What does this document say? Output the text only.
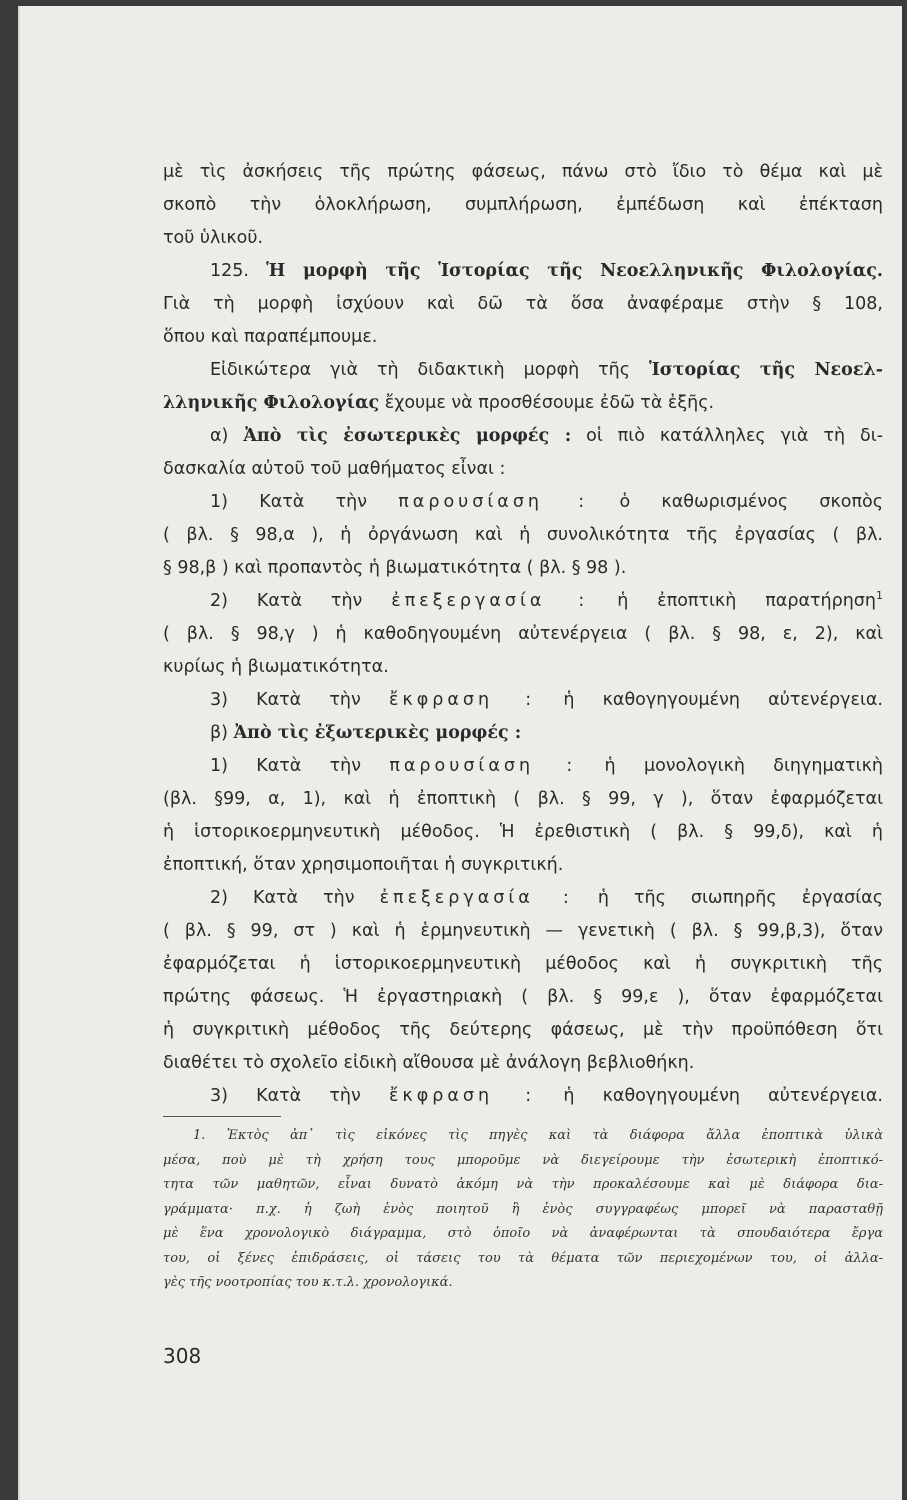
μὲ τὶς ἀσκήσεις τῆς πρώτης φάσεως, πάνω στὸ ἴδιο τὸ θέμα καὶ μὲ
σκοπὸ τὴν ὁλοκλήρωση, συμπλήρωση, ἐμπέδωση καὶ ἐπέκταση
τοῦ ὑλικοῦ.
125. Ἡ μορφὴ τῆς Ἱστορίας τῆς Νεοελληνικῆς Φιλολογίας.
Γιὰ τὴ μορφὴ ἰσχύουν καὶ δῶ τὰ ὅσα ἀναφέραμε στὴν § 108,
ὅπου καὶ παραπέμπουμε.
Εἰδικώτερα γιὰ τὴ διδακτικὴ μορφὴ τῆς Ἱστορίας τῆς Νεοελ-
λληνικῆς Φιλολογίας ἔχουμε νὰ προσθέσουμε ἐδῶ τὰ ἑξῆς.
α) Ἀπὸ τὶς ἐσωτερικὲς μορφές : οἱ πιὸ κατάλληλες γιὰ τὴ δι-
δασκαλία αὐτοῦ τοῦ μαθήματος εἶναι :
1) Κατὰ τὴν παρουσίαση : ὁ καθωρισμένος σκοπὸς
( βλ. § 98,α ), ἡ ὀργάνωση καὶ ἡ συνολικότητα τῆς ἐργασίας ( βλ.
§ 98,β ) καὶ προπαντὸς ἡ βιωματικότητα ( βλ. § 98 ).
2) Κατὰ τὴν ἐπεξεργασία : ἡ ἐποπτικὴ παρατήρηση$^1$
( βλ. § 98,γ ) ἡ καθοδηγουμένη αὐτενέργεια ( βλ. § 98, ε, 2), καὶ
κυρίως ἡ βιωματικότητα.
3) Κατὰ τὴν ἔκφραση : ἡ καθογηγουμένη αὐτενέργεια.
β) Ἀπὸ τὶς ἐξωτερικὲς μορφές :
1) Κατὰ τὴν παρουσίαση : ἡ μονολογικὴ διηγηματικὴ
(βλ. §99, α, 1), καὶ ἡ ἐποπτικὴ ( βλ. § 99, γ ), ὅταν ἐφαρμόζεται
ἡ ἱστορικοερμηνευτικὴ μέθοδος. Ἡ ἐρεθιστικὴ ( βλ. § 99,δ), καὶ ἡ
ἐποπτική, ὅταν χρησιμοποιῆται ἡ συγκριτική.
2) Κατὰ τὴν ἐπεξεργασία : ἡ τῆς σιωπηρῆς ἐργασίας
( βλ. § 99, στ ) καὶ ἡ ἑρμηνευτικὴ — γενετικὴ ( βλ. § 99,β,3), ὅταν
ἐφαρμόζεται ἡ ἱστορικοερμηνευτικὴ μέθοδος καὶ ἡ συγκριτικὴ τῆς
πρώτης φάσεως. Ἡ ἐργαστηριακὴ ( βλ. § 99,ε ), ὅταν ἐφαρμόζεται
ἡ συγκριτικὴ μέθοδος τῆς δεύτερης φάσεως, μὲ τὴν προϋπόθεση ὅτι
διαθέτει τὸ σχολεῖο εἰδικὴ αἴθουσα μὲ ἀνάλογη βεβλιοθήκη.
3) Κατὰ τὴν ἔκφραση : ἡ καθογηγουμένη αὐτενέργεια.
1. Ἐκτὸς ἀπ᾿ τὶς εἰκόνες τὶς πηγὲς καὶ τὰ διάφορα ἄλλα ἐποπτικὰ ὑλικὰ
μέσα, ποὺ μὲ τὴ χρήση τους μποροῦμε νὰ διεγείρουμε τὴν ἐσωτερικὴ ἐποπτικό-
τητα τῶν μαθητῶν, εἶναι δυνατὸ ἀκόμη νὰ τὴν προκαλέσουμε καὶ μὲ διάφορα δια-
γράμματα· π.χ. ἡ ζωὴ ἑνὸς ποιητοῦ ἢ ἑνὸς συγγραφέως μπορεῖ νὰ παρασταθῇ
μὲ ἕνα χρονολογικὸ διάγραμμα, στὸ ὁποῖο νὰ ἀναφέρωνται τὰ σπουδαιότερα ἔργα
του, οἱ ξένες ἐπιδράσεις, οἱ τάσεις του τὰ θέματα τῶν περιεχομένων του, οἱ ἀλλα-
γὲς τῆς νοοτροπίας του κ.τ.λ. χρονολογικά.
308
